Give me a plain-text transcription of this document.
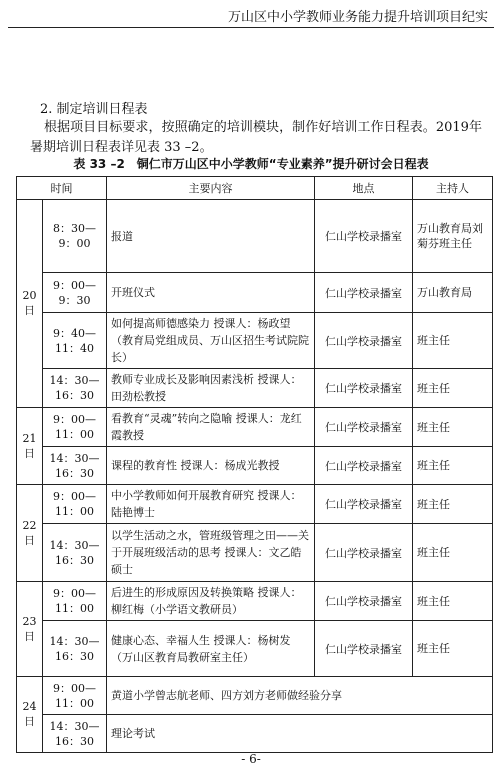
万山区中小学教师业务能力提升培训项目纪实
2. 制定培训日程表
根据项目目标要求，按照确定的培训模块，制作好培训工作日程表。2019年暑期培训日程表详见表 33 –2。
表 33 –2　铜仁市万山区中小学教师“专业素养”提升研讨会日程表
时间		主要内容	地点	主持人
20 日	8：30— 9：00	报道	仁山学校录播室	万山教育局刘菊芬班主任
	9：00— 9：30	开班仪式	仁山学校录播室	万山教育局
	9：40— 11：40	如何提高师德感染力 授课人：杨政望（教育局党组成员、万山区招生考试院院长）	仁山学校录播室	班主任
	14：30— 16：30	教师专业成长及影响因素浅析 授课人：田劲松教授	仁山学校录播室	班主任
21 日	9：00— 11：00	看教育“灵魂”转向之隐喻 授课人：龙红霞教授	仁山学校录播室	班主任
	14：30— 16：30	课程的教育性 授课人：杨成光教授	仁山学校录播室	班主任
22 日	9：00— 11：00	中小学教师如何开展教育研究 授课人：陆艳博士	仁山学校录播室	班主任
	14：30— 16：30	以学生活动之水，管班级管理之田——关于开展班级活动的思考 授课人：文乙皓硕士	仁山学校录播室	班主任
23 日	9：00— 11：00	后进生的形成原因及转换策略 授课人：柳红梅（小学语文教研员）	仁山学校录播室	班主任
	14：30— 16：30	健康心态、幸福人生 授课人：杨树发（万山区教育局教研室主任）	仁山学校录播室	班主任
24 日	9：00— 11：00	黄道小学曾志航老师、四方刘方老师做经验分享		
	14：30— 16：30	理论考试		
- 6-
